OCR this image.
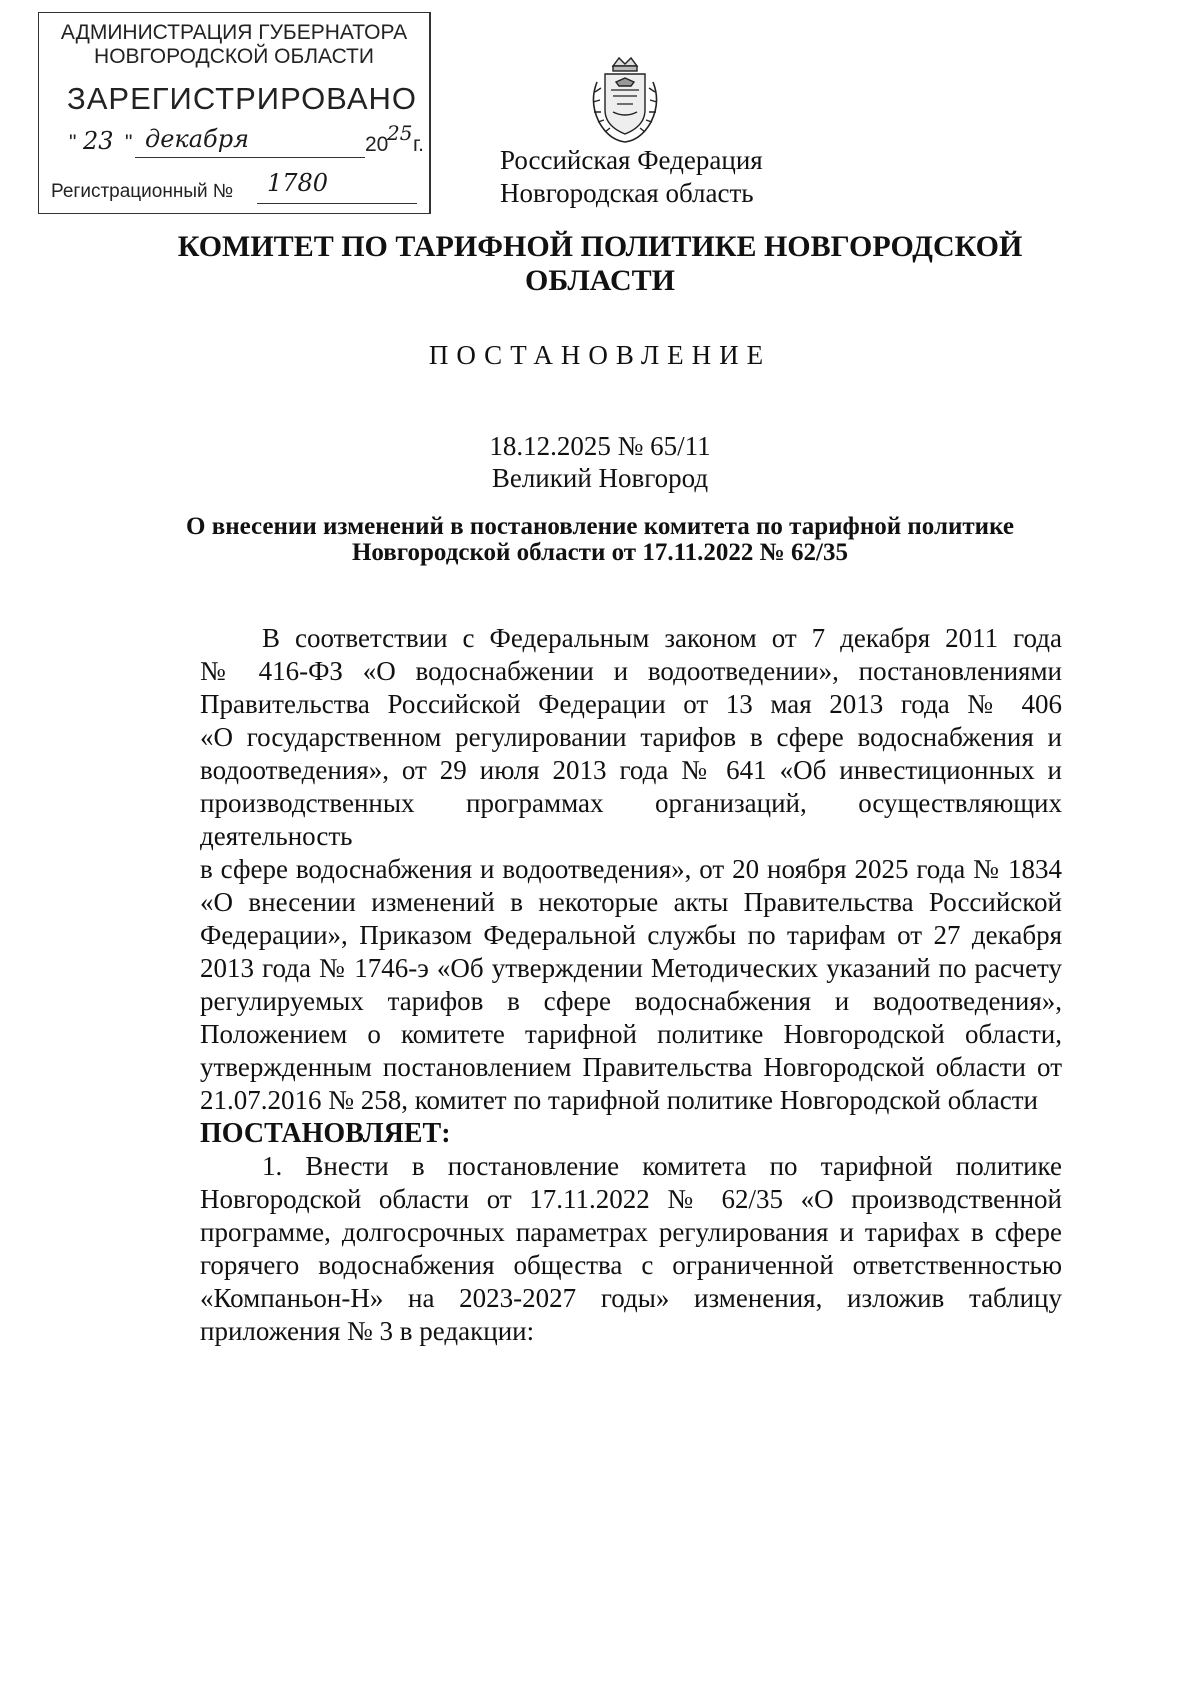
АДМИНИСТРАЦИЯ ГУБЕРНАТОРА
НОВГОРОДСКОЙ ОБЛАСТИ
ЗАРЕГИСТРИРОВАНО
" 23 " декабря	20
25 г.
Регистрационный № 1780
Российская Федерация
Новгородская область
КОМИТЕТ ПО ТАРИФНОЙ ПОЛИТИКЕ НОВГОРОДСКОЙ
ОБЛАСТИ
ПОСТАНОВЛЕНИЕ
18.12.2025 № 65/11
Великий Новгород
О внесении изменений в постановление комитета по тарифной политике
Новгородской области от 17.11.2022 № 62/35
В соответствии с Федеральным законом от 7 декабря 2011 года
№ 416-ФЗ «О водоснабжении и водоотведении», постановлениями
Правительства Российской Федерации от 13 мая 2013 года № 406
«О государственном регулировании тарифов в сфере водоснабжения и
водоотведения», от 29 июля 2013 года № 641 «Об инвестиционных и
производственных программах организаций, осуществляющих деятельность
в сфере водоснабжения и водоотведения», от 20 ноября 2025 года № 1834
«О внесении изменений в некоторые акты Правительства Российской
Федерации», Приказом Федеральной службы по тарифам от 27 декабря
2013 года № 1746-э «Об утверждении Методических указаний по расчету
регулируемых тарифов в сфере водоснабжения и водоотведения»,
Положением о комитете тарифной политике Новгородской области,
утвержденным постановлением Правительства Новгородской области от
21.07.2016 № 258, комитет по тарифной политике Новгородской области
ПОСТАНОВЛЯЕТ:
1. Внести в постановление комитета по тарифной политике
Новгородской области от 17.11.2022 № 62/35 «О производственной
программе, долгосрочных параметрах регулирования и тарифах в сфере
горячего водоснабжения общества с ограниченной ответственностью
«Компаньон-Н» на 2023-2027 годы» изменения, изложив таблицу
приложения № 3 в редакции:
